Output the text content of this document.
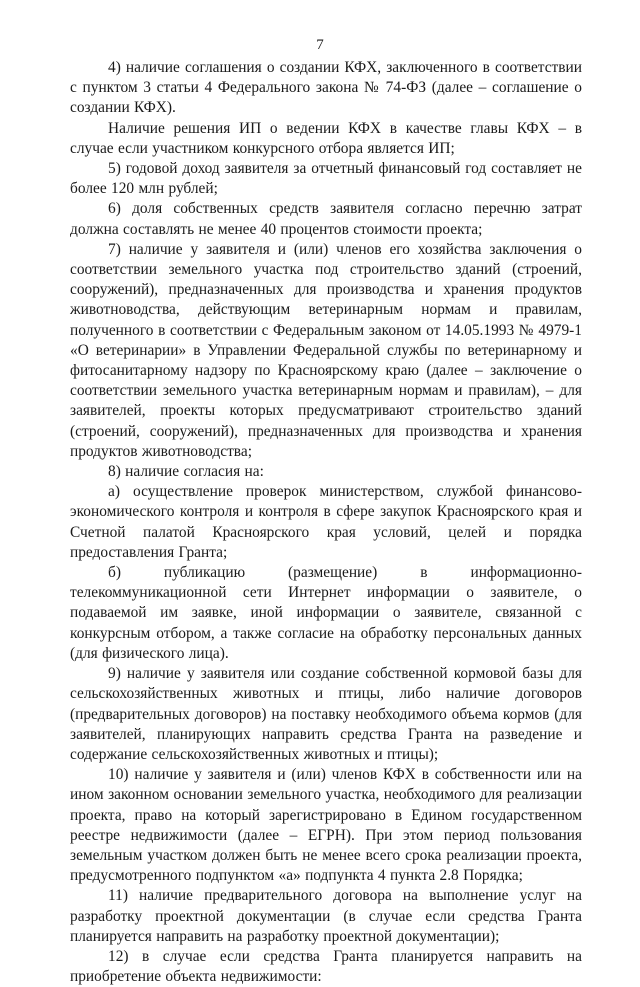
7

4) наличие соглашения о создании КФХ, заключенного в соответствии с пунктом 3 статьи 4 Федерального закона № 74-ФЗ (далее – соглашение о создании КФХ).

Наличие решения ИП о ведении КФХ в качестве главы КФХ – в случае если участником конкурсного отбора является ИП;

5) годовой доход заявителя за отчетный финансовый год составляет не более 120 млн рублей;

6) доля собственных средств заявителя согласно перечню затрат должна составлять не менее 40 процентов стоимости проекта;

7) наличие у заявителя и (или) членов его хозяйства заключения о соответствии земельного участка под строительство зданий (строений, сооружений), предназначенных для производства и хранения продуктов животноводства, действующим ветеринарным нормам и правилам, полученного в соответствии с Федеральным законом от 14.05.1993 № 4979-1 «О ветеринарии» в Управлении Федеральной службы по ветеринарному и фитосанитарному надзору по Красноярскому краю (далее – заключение о соответствии земельного участка ветеринарным нормам и правилам), – для заявителей, проекты которых предусматривают строительство зданий (строений, сооружений), предназначенных для производства и хранения продуктов животноводства;

8) наличие согласия на:

а) осуществление проверок министерством, службой финансово-экономического контроля и контроля в сфере закупок Красноярского края и Счетной палатой Красноярского края условий, целей и порядка предоставления Гранта;

б) публикацию (размещение) в информационно-телекоммуникационной сети Интернет информации о заявителе, о подаваемой им заявке, иной информации о заявителе, связанной с конкурсным отбором, а также согласие на обработку персональных данных (для физического лица).

9) наличие у заявителя или создание собственной кормовой базы для сельскохозяйственных животных и птицы, либо наличие договоров (предварительных договоров) на поставку необходимого объема кормов (для заявителей, планирующих направить средства Гранта на разведение и содержание сельскохозяйственных животных и птицы);

10) наличие у заявителя и (или) членов КФХ в собственности или на ином законном основании земельного участка, необходимого для реализации проекта, право на который зарегистрировано в Едином государственном реестре недвижимости (далее – ЕГРН). При этом период пользования земельным участком должен быть не менее всего срока реализации проекта, предусмотренного подпунктом «а» подпункта 4 пункта 2.8 Порядка;

11) наличие предварительного договора на выполнение услуг на разработку проектной документации (в случае если средства Гранта планируется направить на разработку проектной документации);

12) в случае если средства Гранта планируется направить на приобретение объекта недвижимости:
